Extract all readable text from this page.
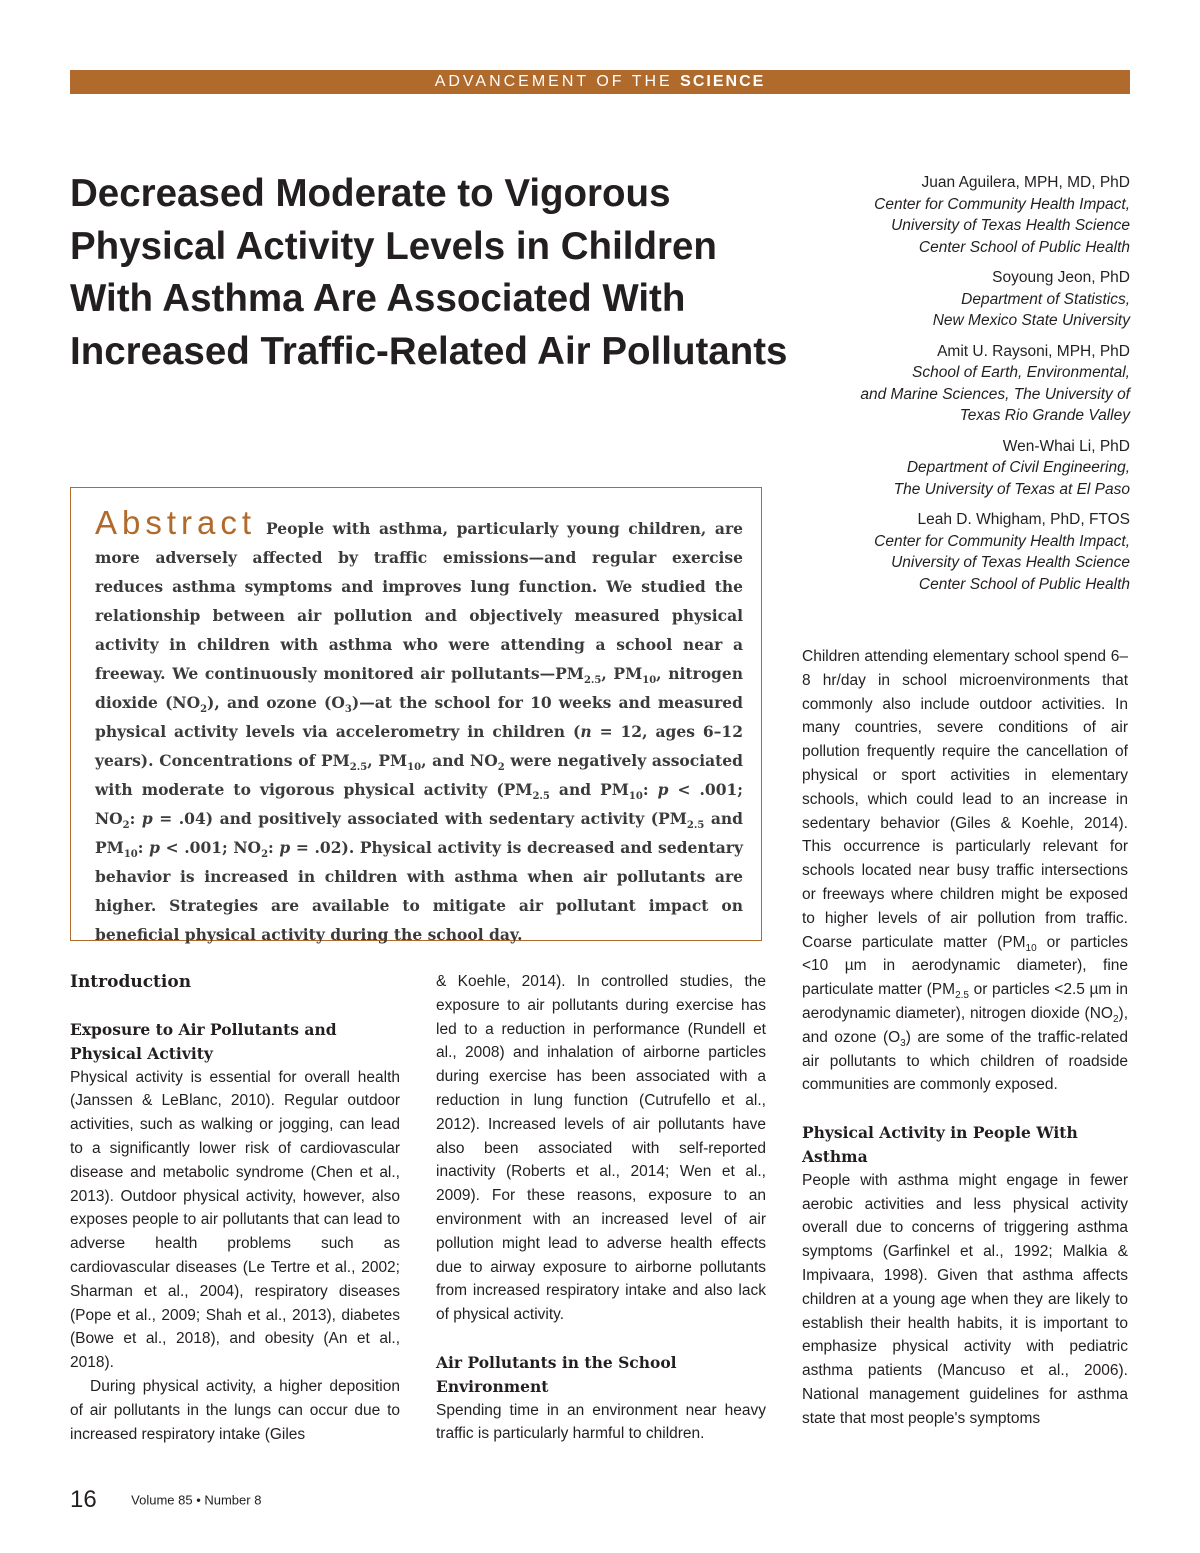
ADVANCEMENT OF THE SCIENCE
Decreased Moderate to Vigorous Physical Activity Levels in Children With Asthma Are Associated With Increased Traffic-Related Air Pollutants
Juan Aguilera, MPH, MD, PhD
Center for Community Health Impact,
University of Texas Health Science
Center School of Public Health
Soyoung Jeon, PhD
Department of Statistics,
New Mexico State University
Amit U. Raysoni, MPH, PhD
School of Earth, Environmental,
and Marine Sciences, The University of
Texas Rio Grande Valley
Wen-Whai Li, PhD
Department of Civil Engineering,
The University of Texas at El Paso
Leah D. Whigham, PhD, FTOS
Center for Community Health Impact,
University of Texas Health Science
Center School of Public Health
Abstract People with asthma, particularly young children, are more adversely affected by traffic emissions—and regular exercise reduces asthma symptoms and improves lung function. We studied the relationship between air pollution and objectively measured physical activity in children with asthma who were attending a school near a freeway. We continuously monitored air $pollutants—PM_{2.5}$, $PM_{10}$, nitrogen dioxide $(NO_2)$, and ozone $(O_3)—at$ the school for 10 weeks and measured physical activity levels via accelerometry in children (n = 12, ages 6–12 years). Concentrations of $PM_{2.5}$, $PM_{10}$, and $NO_2$ were negatively associated with moderate to vigorous physical activity ($PM_{2.5}$ and $PM_{10}$: p < .001; $NO_2$: p = .04) and positively associated with sedentary activity ($PM_{2.5}$ and $PM_{10}$: p < .001; $NO_2$: p = .02). Physical activity is decreased and sedentary behavior is increased in children with asthma when air pollutants are higher. Strategies are available to mitigate air pollutant impact on beneficial physical activity during the school day.
Introduction
Exposure to Air Pollutants and Physical Activity

Physical activity is essential for overall health (Janssen & LeBlanc, 2010). Regular outdoor activities, such as walking or jogging, can lead to a significantly lower risk of cardiovascular disease and metabolic syndrome (Chen et al., 2013). Outdoor physical activity, however, also exposes people to air pollutants that can lead to adverse health problems such as cardiovascular diseases (Le Tertre et al., 2002; Sharman et al., 2004), respiratory diseases (Pope et al., 2009; Shah et al., 2013), diabetes (Bowe et al., 2018), and obesity (An et al., 2018).

During physical activity, a higher deposition of air pollutants in the lungs can occur due to increased respiratory intake (Giles

& Koehle, 2014). In controlled studies, the exposure to air pollutants during exercise has led to a reduction in performance (Rundell et al., 2008) and inhalation of airborne particles during exercise has been associated with a reduction in lung function (Cutrufello et al., 2012). Increased levels of air pollutants have also been associated with self-reported inactivity (Roberts et al., 2014; Wen et al., 2009). For these reasons, exposure to an environment with an increased level of air pollution might lead to adverse health effects due to airway exposure to airborne pollutants from increased respiratory intake and also lack of physical activity.

Air Pollutants in the School Environment

Spending time in an environment near heavy traffic is particularly harmful to children.

Children attending elementary school spend 6–8 hr/day in school microenvironments that commonly also include outdoor activities. In many countries, severe conditions of air pollution frequently require the cancellation of physical or sport activities in elementary schools, which could lead to an increase in sedentary behavior (Giles & Koehle, 2014). This occurrence is particularly relevant for schools located near busy traffic intersections or freeways where children might be exposed to higher levels of air pollution from traffic. Coarse particulate matter ($PM_{10}$ or particles <10 µm in aerodynamic diameter), fine particulate matter ($PM_{2.5}$ or particles <2.5 µm in aerodynamic diameter), nitrogen dioxide $(NO_2)$, and ozone $(O_3)$ are some of the traffic-related air pollutants to which children of roadside communities are commonly exposed.

Physical Activity in People With Asthma

People with asthma might engage in fewer aerobic activities and less physical activity overall due to concerns of triggering asthma symptoms (Garfinkel et al., 1992; Malkia & Impivaara, 1998). Given that asthma affects children at a young age when they are likely to establish their health habits, it is important to emphasize physical activity with pediatric asthma patients (Mancuso et al., 2006). National management guidelines for asthma state that most people's symptoms

16	Volume 85 • Number 8
